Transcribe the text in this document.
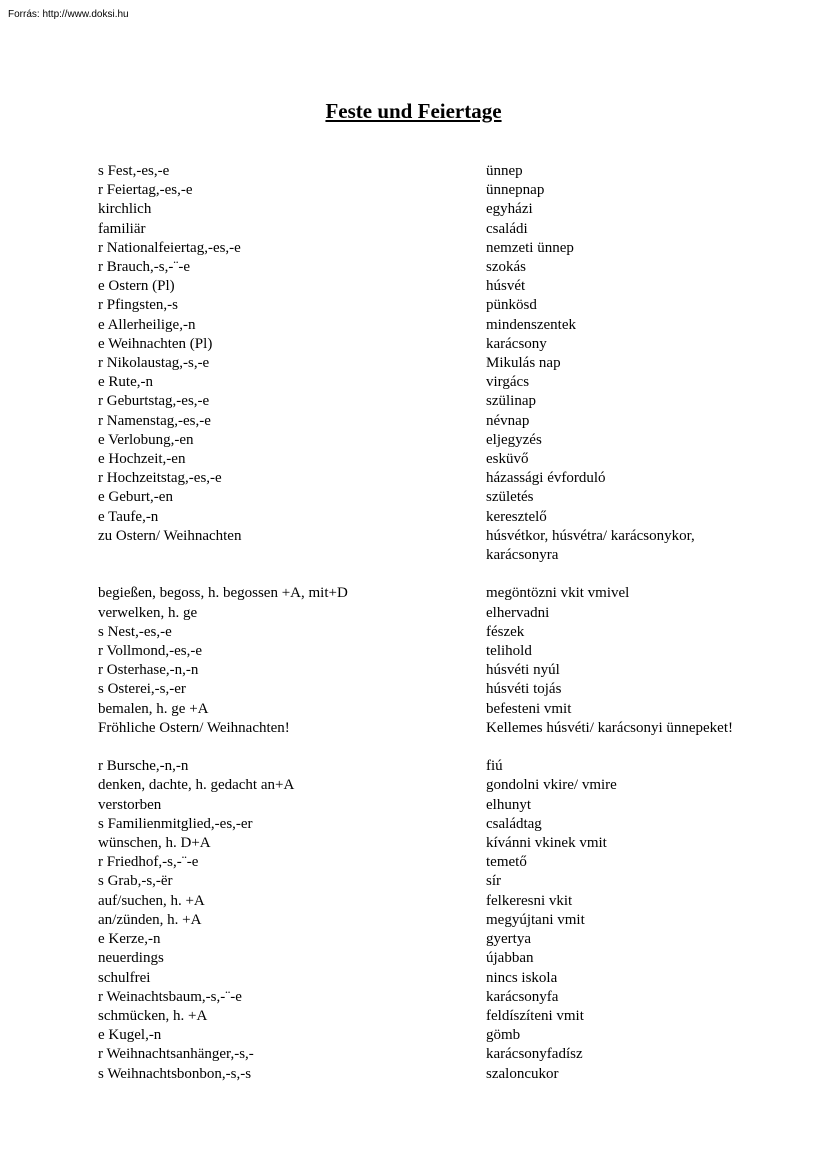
Forrás: http://www.doksi.hu
Feste und Feiertage
s Fest,-es,-e	ünnep
r Feiertag,-es,-e	ünnepnap
kirchlich	egyházi
familiär	családi
r Nationalfeiertag,-es,-e	nemzeti ünnep
r Brauch,-s,-¨-e	szokás
e Ostern (Pl)	húsvét
r Pfingsten,-s	pünkösd
e Allerheilige,-n	mindenszentek
e Weihnachten (Pl)	karácsony
r Nikolaustag,-s,-e	Mikulás nap
e Rute,-n	virgács
r Geburtstag,-es,-e	szülinap
r Namenstag,-es,-e	névnap
e Verlobung,-en	eljegyzés
e Hochzeit,-en	esküvő
r Hochzeitstag,-es,-e	házassági évforduló
e Geburt,-en	születés
e Taufe,-n	keresztelő
zu Ostern/ Weihnachten	húsvétkor, húsvétra/ karácsonykor, karácsonyra
begießen, begoss, h. begossen +A, mit+D	megöntözni vkit vmivel
verwelken, h. ge	elhervadni
s Nest,-es,-e	fészek
r Vollmond,-es,-e	telihold
r Osterhase,-n,-n	húsvéti nyúl
s Osterei,-s,-er	húsvéti tojás
bemalen, h. ge +A	befesteni vmit
Fröhliche Ostern/ Weihnachten!	Kellemes húsvéti/ karácsonyi ünnepeket!
r Bursche,-n,-n	fiú
denken, dachte, h. gedacht an+A	gondolni vkire/ vmire
verstorben	elhunyt
s Familienmitglied,-es,-er	családtag
wünschen, h. D+A	kívánni vkinek vmit
r Friedhof,-s,-¨-e	temető
s Grab,-s,-ër	sír
auf/suchen, h. +A	felkeresni vkit
an/zünden, h. +A	megyújtani vmit
e Kerze,-n	gyertya
neuerdings	újabban
schulfrei	nincs iskola
r Weinachtsbaum,-s,-¨-e	karácsonyfa
schmücken, h. +A	feldíszíteni vmit
e Kugel,-n	gömb
r Weihnachtsanhänger,-s,-	karácsonyfadísz
s Weihnachtsbonbon,-s,-s	szaloncukor
